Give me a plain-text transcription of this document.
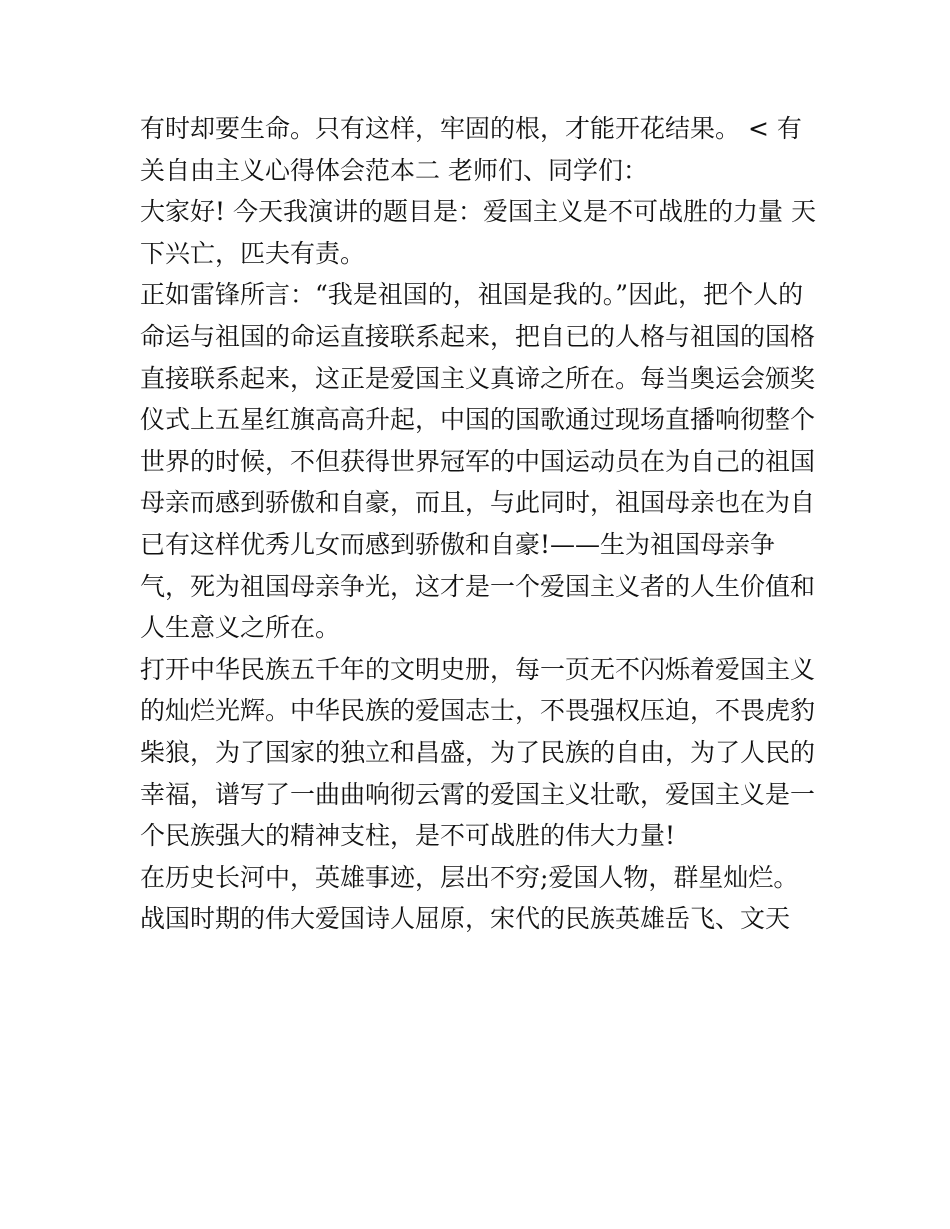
有时却要生命。只有这样，牢固的根，才能开花结果。 < 有
关自由主义心得体会范本二 老师们、同学们：
大家好! 今天我演讲的题目是：爱国主义是不可战胜的力量 天
下兴亡，匹夫有责。
正如雷锋所言：“我是祖国的，祖国是我的。”因此，把个人的
命运与祖国的命运直接联系起来，把自已的人格与祖国的国格
直接联系起来，这正是爱国主义真谛之所在。每当奥运会颁奖
仪式上五星红旗高高升起，中国的国歌通过现场直播响彻整个
世界的时候，不但获得世界冠军的中国运动员在为自己的祖国
母亲而感到骄傲和自豪，而且，与此同时，祖国母亲也在为自
已有这样优秀儿女而感到骄傲和自豪!——生为祖国母亲争
气，死为祖国母亲争光，这才是一个爱国主义者的人生价值和
人生意义之所在。
打开中华民族五千年的文明史册，每一页无不闪烁着爱国主义
的灿烂光辉。中华民族的爱国志士，不畏强权压迫，不畏虎豹
柴狼，为了国家的独立和昌盛，为了民族的自由，为了人民的
幸福，谱写了一曲曲响彻云霄的爱国主义壮歌，爱国主义是一
个民族强大的精神支柱，是不可战胜的伟大力量!
在历史长河中，英雄事迹，层出不穷;爱国人物，群星灿烂。
战国时期的伟大爱国诗人屈原，宋代的民族英雄岳飞、文天
